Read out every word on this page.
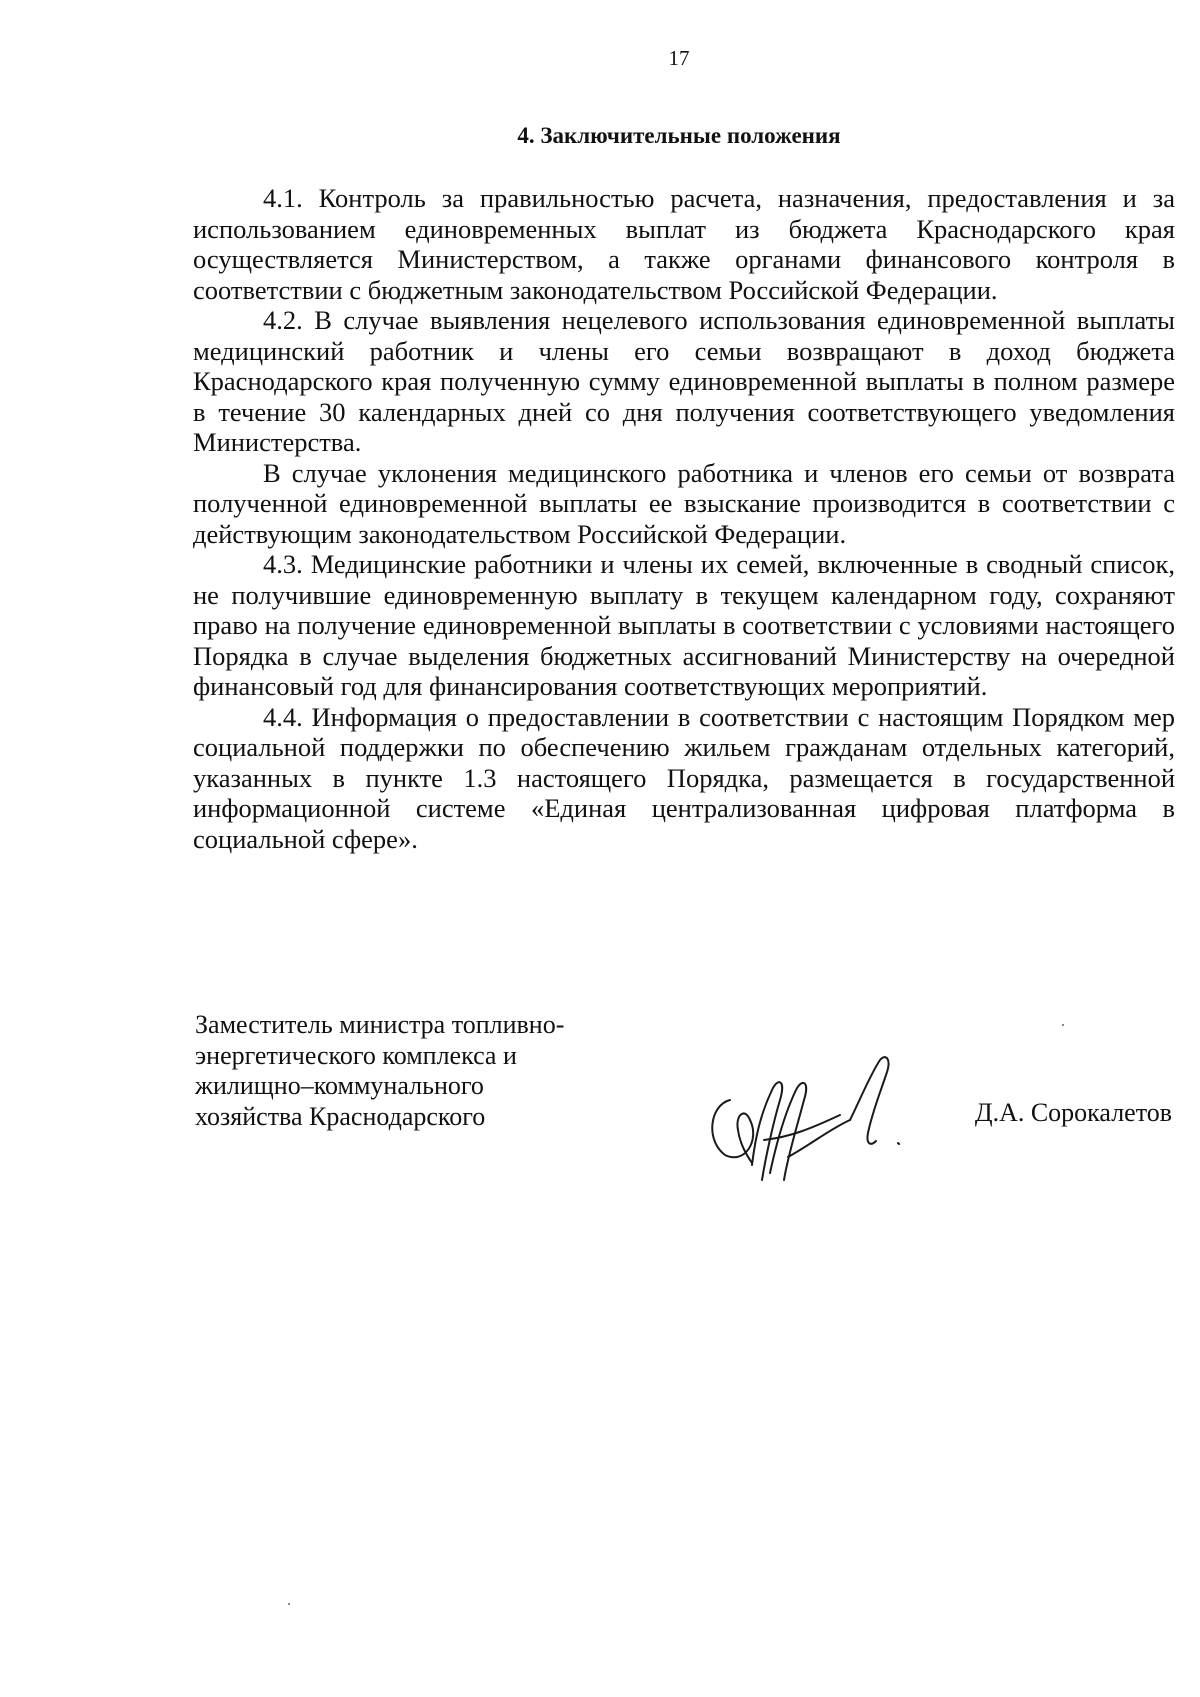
17
4. Заключительные положения

4.1. Контроль за правильностью расчета, назначения, предоставления и за использованием единовременных выплат из бюджета Краснодарского края осуществляется Министерством, а также органами финансового контроля в соответствии с бюджетным законодательством Российской Федерации.

4.2. В случае выявления нецелевого использования единовременной выплаты медицинский работник и члены его семьи возвращают в доход бюджета Краснодарского края полученную сумму единовременной выплаты в полном размере в течение 30 календарных дней со дня получения соответствующего уведомления Министерства.

В случае уклонения медицинского работника и членов его семьи от возврата полученной единовременной выплаты ее взыскание производится в соответствии с действующим законодательством Российской Федерации.

4.3. Медицинские работники и члены их семей, включенные в сводный список, не получившие единовременную выплату в текущем календарном году, сохраняют право на получение единовременной выплаты в соответствии с условиями настоящего Порядка в случае выделения бюджетных ассигнований Министерству на очередной финансовый год для финансирования соответствующих мероприятий.

4.4. Информация о предоставлении в соответствии с настоящим Порядком мер социальной поддержки по обеспечению жильем гражданам отдельных категорий, указанных в пункте 1.3 настоящего Порядка, размещается в государственной информационной системе «Единая централизованная цифровая платформа в социальной сфере».

Заместитель министра топливно-
энергетического комплекса и
жилищно–коммунального
хозяйства Краснодарского	Д.А. Сорокалетов
